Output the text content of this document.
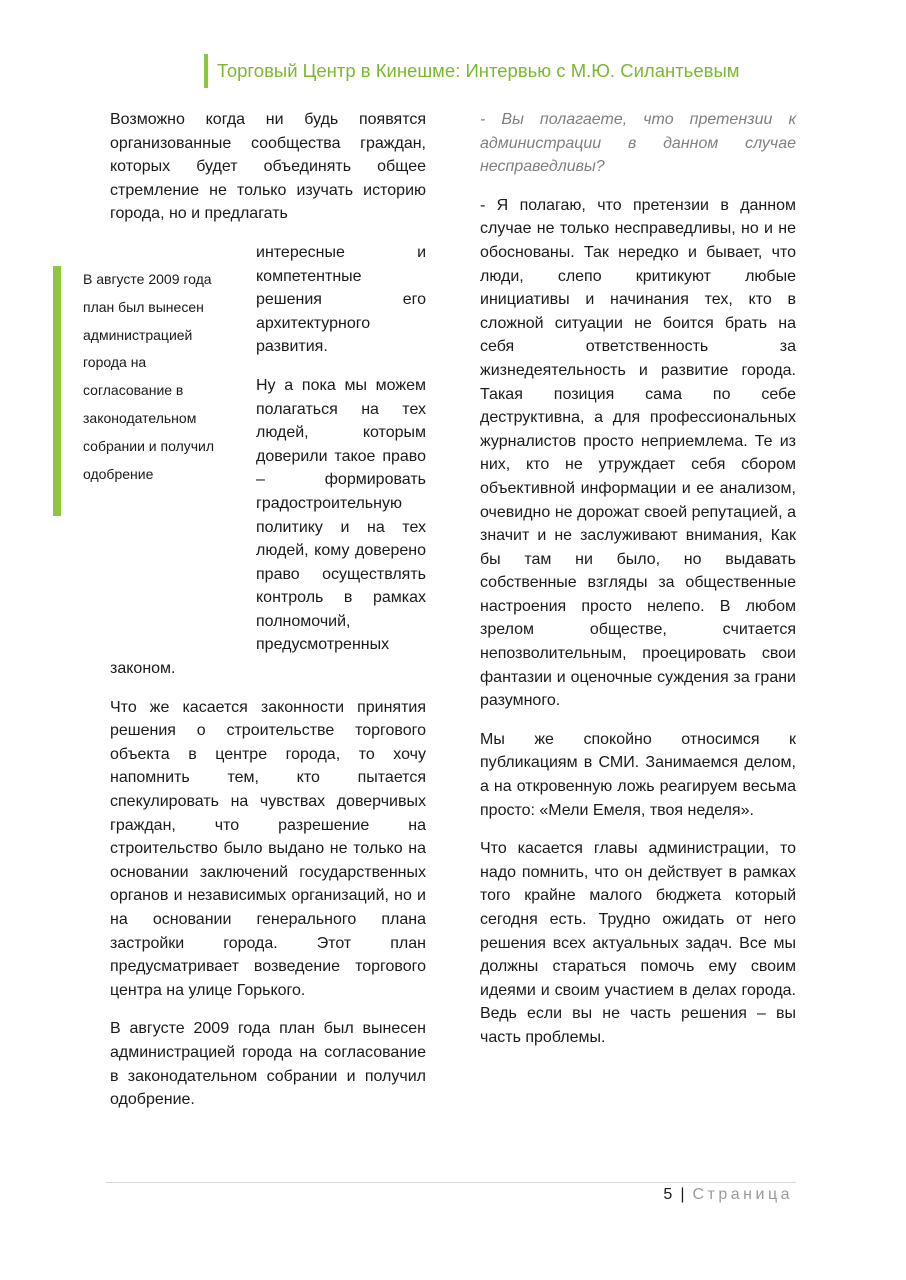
Торговый Центр в Кинешме: Интервью с М.Ю. Силантьевым

Возможно когда ни будь появятся организованные сообщества граждан, которых будет объединять общее стремление не только изучать историю города, но и предлагать

интересные и компетентные решения его архитектурного развития.

Ну а пока мы можем полагаться на тех людей, которым доверили такое право – формировать градостроительную политику и на тех людей, кому доверено право осуществлять контроль в рамках полномочий, предусмотренных законом.

Что же касается законности принятия решения о строительстве торгового объекта в центре города, то хочу напомнить тем, кто пытается спекулировать на чувствах доверчивых граждан, что разрешение на строительство было выдано не только на основании заключений государственных органов и независимых организаций, но и на основании генерального плана застройки города. Этот план предусматривает возведение торгового центра на улице Горького.

В августе 2009 года план был вынесен администрацией города на согласование в законодательном собрании и получил одобрение.

В августе 2009 года план был вынесен администрацией города на согласование в законодательном собрании и получил одобрение

- Вы полагаете, что претензии к администрации в данном случае несправедливы?

- Я полагаю, что претензии в данном случае не только несправедливы, но и не обоснованы. Так нередко и бывает, что люди, слепо критикуют любые инициативы и начинания тех, кто в сложной ситуации не боится брать на себя ответственность за жизнедеятельность и развитие города. Такая позиция сама по себе деструктивна, а для профессиональных журналистов просто неприемлема. Те из них, кто не утруждает себя сбором объективной информации и ее анализом, очевидно не дорожат своей репутацией, а значит и не заслуживают внимания, Как бы там ни было, но выдавать собственные взгляды за общественные настроения просто нелепо. В любом зрелом обществе, считается непозволительным, проецировать свои фантазии и оценочные суждения за грани разумного.

Мы же спокойно относимся к публикациям в СМИ. Занимаемся делом, а на откровенную ложь реагируем весьма просто: «Мели Емеля, твоя неделя».

Что касается главы администрации, то надо помнить, что он действует в рамках того крайне малого бюджета который сегодня есть. Трудно ожидать от него решения всех актуальных задач. Все мы должны стараться помочь ему своим идеями и своим участием в делах города. Ведь если вы не часть решения – вы часть проблемы.

5 | Страница
